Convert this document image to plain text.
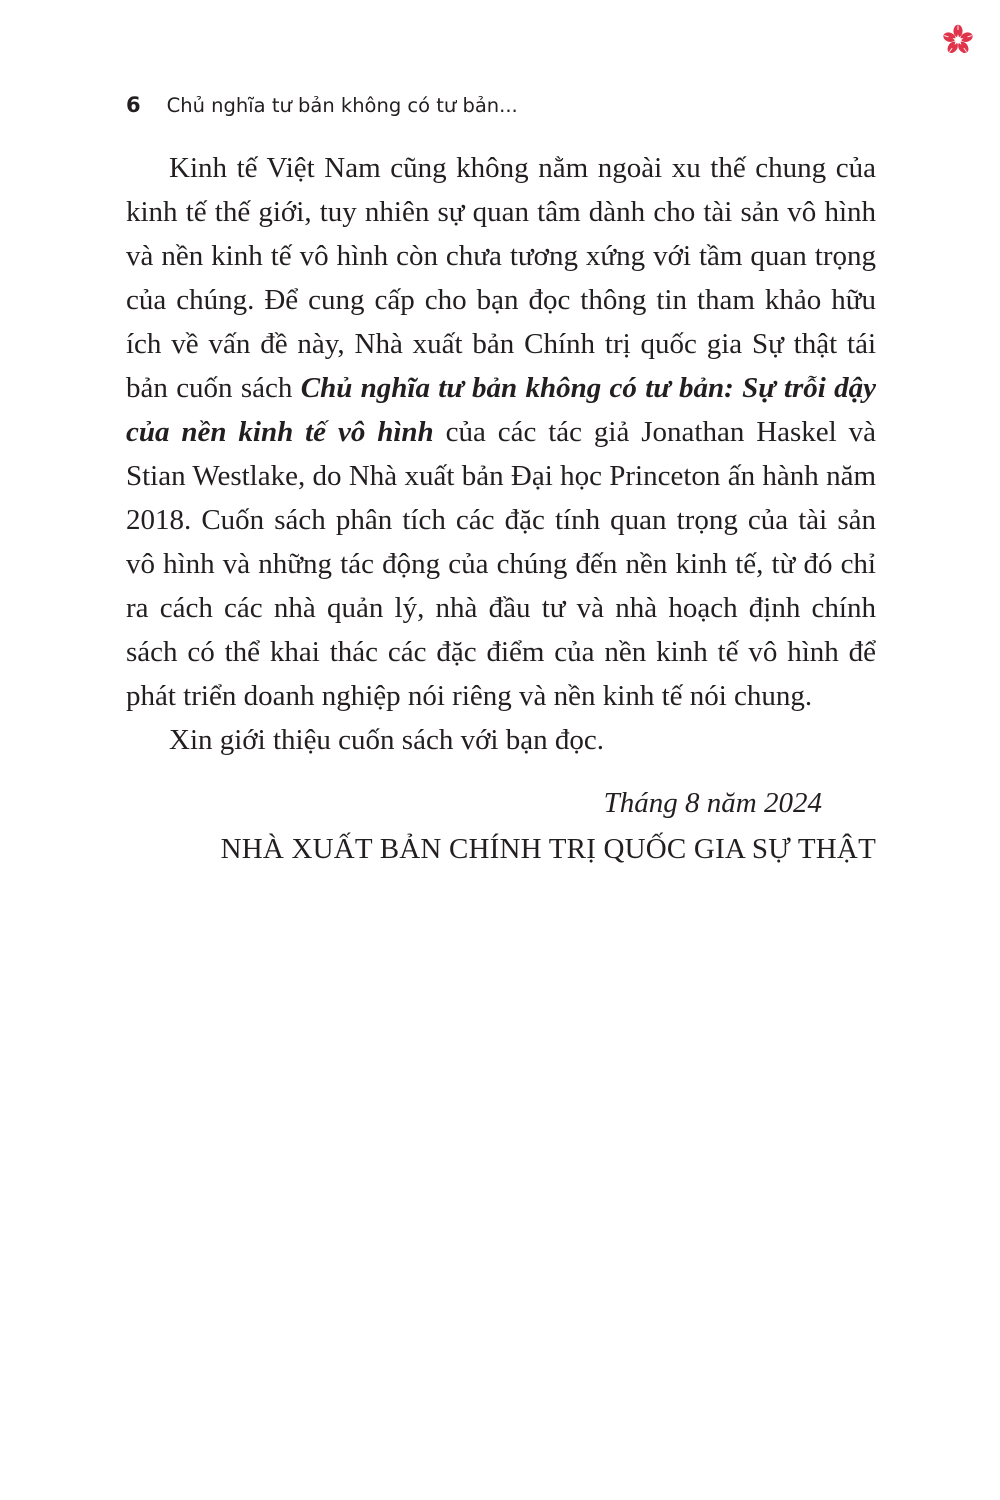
6 Chủ nghĩa tư bản không có tư bản...

Kinh tế Việt Nam cũng không nằm ngoài xu thế chung của kinh tế thế giới, tuy nhiên sự quan tâm dành cho tài sản vô hình và nền kinh tế vô hình còn chưa tương xứng với tầm quan trọng của chúng. Để cung cấp cho bạn đọc thông tin tham khảo hữu ích về vấn đề này, Nhà xuất bản Chính trị quốc gia Sự thật tái bản cuốn sách Chủ nghĩa tư bản không có tư bản: Sự trỗi dậy của nền kinh tế vô hình của các tác giả Jonathan Haskel và Stian Westlake, do Nhà xuất bản Đại học Princeton ấn hành năm 2018. Cuốn sách phân tích các đặc tính quan trọng của tài sản vô hình và những tác động của chúng đến nền kinh tế, từ đó chỉ ra cách các nhà quản lý, nhà đầu tư và nhà hoạch định chính sách có thể khai thác các đặc điểm của nền kinh tế vô hình để phát triển doanh nghiệp nói riêng và nền kinh tế nói chung.

Xin giới thiệu cuốn sách với bạn đọc.

Tháng 8 năm 2024
NHÀ XUẤT BẢN CHÍNH TRỊ QUỐC GIA SỰ THẬT
